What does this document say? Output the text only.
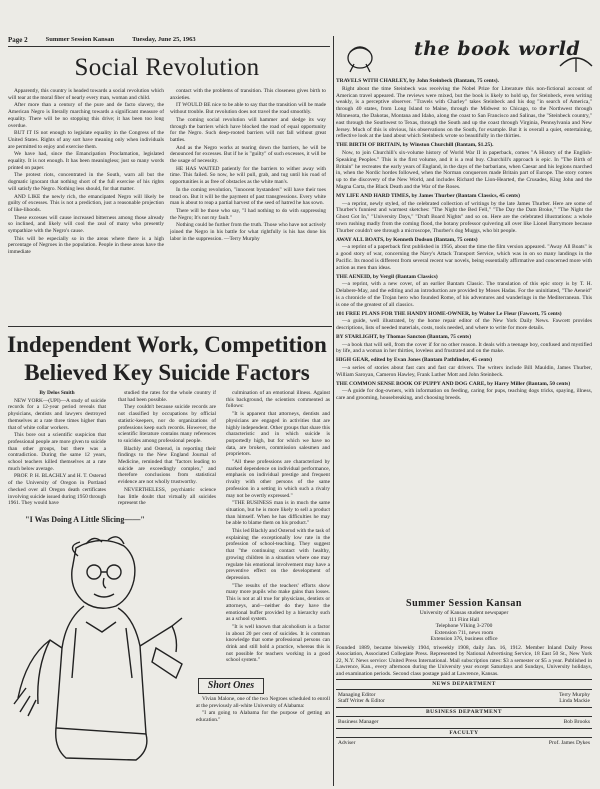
Page 2	Summer Session Kansan	Tuesday, June 25, 1963
Social Revolution

Apparently, this country is headed towards a social revolution which will tear at the moral fiber of nearly every man, woman and child.

After more than a century of the pure and de facto slavery, the American Negro is literally marching towards a significant measure of equality. There will be no stopping this drive; it has been too long overdue.

BUT IT IS not enough to legislate equality in the Congress of the United States. Rights of any sort have meaning only when individuals are permitted to enjoy and exercise them.

We have had, since the Emancipation Proclamation, legislated equality. It is not enough. It has been meaningless; just so many words printed on paper.

The protest riots, concentrated in the South, warn all but the dogmatic ignorant that nothing short of the full exercise of his rights will satisfy the Negro. Nothing less should, for that matter.

AND LIKE the newly rich, the emancipated Negro will likely be guilty of excesses. This is not a prediction, just a reasonable projection of like-lihoods.

These excesses will cause increased bitterness among those already so inclined, and likely will cool the zeal of many who presently sympathize with the Negro's cause.

This will be especially so in the areas where there is a high percentage of Negroes in the population. People in these areas have the immediate

contact with the problems of transition. This closeness gives birth to anxieties.

IT WOULD BE nice to be able to say that the transition will be made without trouble. But revolution does not travel the road smoothly.

The coming social revolution will hammer and sledge its way through the barriers which have blocked the road of equal opportunity for the Negro. Such deep-rooted barriers will not fall without great battles.

And as the Negro works at tearing down the barriers, he will be denounced for excesses. But if he is "guilty" of such excesses, it will be the usage of necessity.

HE HAS WAITED patiently for the barriers to wither away with time. This failed. So now, he will pull, grab, and tug until his road of opportunities is as free of obstacles as the white man's.

In the coming revolution, "innocent bystanders" will have their toes tread on. But it will be the payment of past transgressions. Every white man is about to reap a partial harvest of the seed of hatred he has sown.

There will be those who say, "I had nothing to do with suppressing the Negro; It's not my fault."

Nothing could be further from the truth. Those who have not actively joined the Negro in his battle for what rightfully is his has done his labor in the suppression. —Terry Murphy

Independent Work, Competition
Believed Key Suicide Factors

By Delos Smith

NEW YORK—(UPI)—A study of suicide records for a 12-year period reveals that physicians, dentists and lawyers destroyed themselves at a rate three times higher than that of white collar workers.

This bore out a scientific suspicion that professional people are more given to suicide than other groups, but there was a contradiction. During the same 12 years, school teachers killed themselves at a rate much below average.

PROF. P. H. BLACHLY and H. T. Osterud of the University of Oregon in Portland checked over all Oregon death certificates involving suicide issued during 1950 through 1961. They would have

studied the rates for the whole country if that had been possible.

They couldn't because suicide records are not classified by occupations by official statistic-keepers, nor do organizations of professions keep such records. However, the scientific literature contains many references to suicides among professional people.

Blachly and Osterud, in reporting their findings to the New England Journal of Medicine, reminded that "factors leading to suicide are exceedingly complex," and therefore conclusions from statistical evidence are not wholly trustworthy.

NEVERTHELESS, psychiatric science has little doubt that virtually all suicides represent the

culmination of an emotional illness. Against this background, the scientists commented as follows:

"It is apparent that attorneys, dentists and physicians are engaged in activities that are highly independent. Other groups that share this characteristic and in which suicide is purportedly high, but for which we have no data, are brokers, commission salesmen and proprietors.

"All these professions are characterized by marked dependence on individual performance, emphasis on individual prestige and frequent rivalry with other persons of the same profession in a setting in which such a rivalry may not be overtly expressed."

"THE BUSINESS man is in much the same situation, but he is more likely to sell a product than himself. When he has difficulties he may be able to blame them on his product."

This led Blachly and Osterud with the task of explaining the exceptionally low rate in the profession of school-teaching. They suggest that "the continuing contact with healthy, growing children in a situation where one may regulate his emotional involvement may have a preventive effect on the development of depression.

"The results of the teachers' efforts show many more pupils who make gains than losses. This is not at all true for physicians, dentists or attorneys, and—neither do they have the emotional buffer provided by a hierarchy such as a school system.

"It is well known that alcoholism is a factor in about 20 per cent of suicides. It is common knowledge that some professional persons can drink and still hold a practice, whereas this is not possible for teachers working in a good school system."

"I Was Doing A Little Slicing——"
Short Ones

Vivian Malone, one of the two Negroes scheduled to enroll at the previously all-white University of Alabama:

"I am going to Alabama for the purpose of getting an education."

the book world

TRAVELS WITH CHARLEY, by John Steinbeck (Bantam, 75 cents).

Right about the time Steinbeck was receiving the Nobel Prize for Literature this non-fictional account of American travel appeared. The reviews were mixed, but the book is likely to hold up, for Steinbeck, even writing weakly, is a perceptive observer. "Travels with Charley" takes Steinbeck and his dog "in search of America," through 40 states, from Long Island to Maine, through the Midwest to Chicago, to the Northwest through Minnesota, the Dakotas, Montana and Idaho, along the coast to San Francisco and Salinas, the "Steinbeck country," east through the Southwest to Texas, through the South and up the coast through Virginia, Pennsylvania and New Jersey. Much of this is obvious, his observations on the South, for example. But it is overall a quiet, entertaining, reflective look at the land about which Steinbeck wrote so beautifully in the thirties.

THE BIRTH OF BRITAIN, by Winston Churchill (Bantam, $1.25).

Now, to join Churchill's six-volume history of World War II in paperback, comes "A History of the English-Speaking Peoples." This is the first volume, and it is a real buy. Churchill's approach is epic. In "The Birth of Britain" he recreates the early years of England, in the days of the barbarians, when Caesar and his legions marched in, when the Nordic hordes followed, when the Norman conquerors made Britain part of Europe. The story comes up to the discovery of the New World, and includes Richard the Lion-Hearted, the Crusades, King John and the Magna Carta, the Black Death and the War of the Roses.

MY LIFE AND HARD TIMES, by James Thurber (Bantam Classics, 45 cents)

—a reprint, newly styled, of the celebrated collection of writings by the late James Thurber. Here are some of Thurber's funniest and warmest sketches: "The Night the Bed Fell," "The Day the Dam Broke," "The Night the Ghost Got In," "University Days," "Draft Board Nights" and so on. Here are the celebrated illustrations: a whole town rushing madly from the coming flood, the botany professor quivering all over like Lionel Barrymore because Thurber couldn't see through a microscope, Thurber's dog Muggs, who bit people.

AWAY ALL BOATS, by Kenneth Dodson (Bantam, 75 cents)

—a reprint of a paperback first published in 1956, about the time the film version appeared. "Away All Boats" is a good story of war, concerning the Navy's Attack Transport Service, which was in on so many landings in the Pacific. Its mood is different from several recent war novels, being essentially affirmative and concerned more with action as men than ideas.

THE AENEID, by Vergil (Bantam Classics)

—a reprint, with a new cover, of an earlier Bantam Classic. The translation of this epic story is by T. H. Delabere-May, and the editing and an introduction are provided by Moses Hadas. For the uninitiated, "The Aeneid" is a chronicle of the Trojan hero who founded Rome, of his adventures and wanderings in the Mediterranean. This is one of the greatest of all classics.

101 FREE PLANS FOR THE HANDY HOME-OWNER, by Walter Le Fleur (Fawcett, 75 cents)

—a guide, well illustrated, by the home repair editor of the New York Daily News. Fawcett provides descriptions, lists of needed materials, costs, tools needed, and where to write for more details.

BY STARLIGHT, by Thomas Sancton (Bantam, 75 cents)

—a book that will sell, from the cover if for no other reason. It deals with a teenage boy, confused and mystified by life, and a woman in her thirties, loveless and frustrated and on the make.

HIGH GEAR, edited by Evan Jones (Bantam Pathfinder, 45 cents)

—a series of stories about fast cars and fast car drivers. The writers include Bill Mauldin, James Thurber, William Saroyan, Cameron Hawley, Frank Luther Mott and John Steinbeck.

THE COMMON SENSE BOOK OF PUPPY AND DOG CARE, by Harry Miller (Bantam, 50 cents)

—A guide for dog-owners, with information on feeding, caring for pups, teaching dogs tricks, spaying, illness, care and grooming, housebreaking, and choosing breeds.

Summer Session Kansan
University of Kansas student newspaper
111 Flint Hall
Telephone VIking 3-2700
Extension 711, news room
Extension 376, business office
Founded 1889, became biweekly 1904, triweekly 1908, daily Jan. 16, 1912. Member Inland Daily Press Association, Associated Collegiate Press. Represented by National Advertising Service, 18 East 50 St., New York 22, N.Y. News service: United Press International. Mail subscription rates: $3 a semester or $5 a year. Published in Lawrence, Kan., every afternoon during the University year except Saturdays and Sundays, University holidays, and examination periods. Second class postage paid at Lawrence, Kansas.
NEWS DEPARTMENT
Managing Editor	Terry Murphy
Staff Writer & Editor	Linda Mackie
BUSINESS DEPARTMENT
Business Manager	Bob Brooks
FACULTY
Adviser	Prof. James Dykes
